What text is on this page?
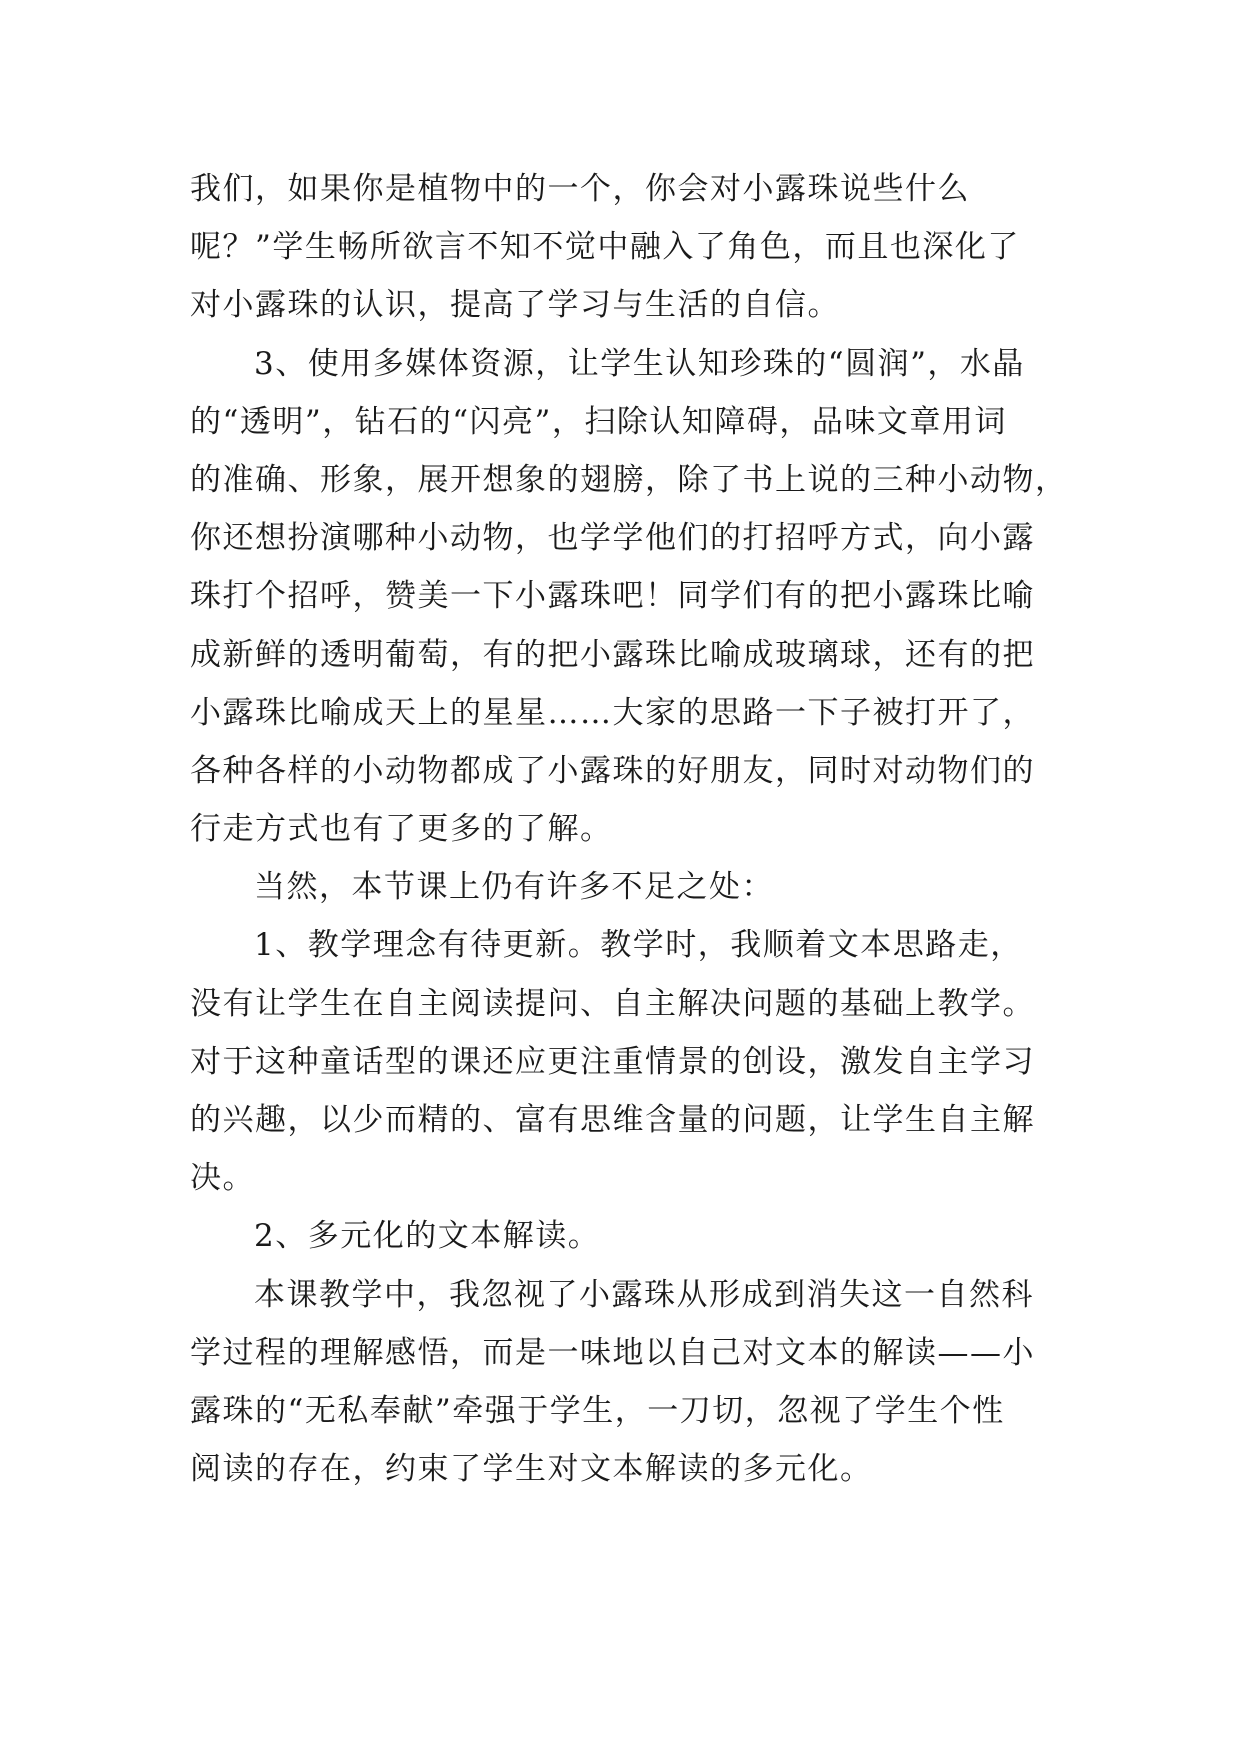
我们，如果你是植物中的一个，你会对小露珠说些什么
呢？”学生畅所欲言不知不觉中融入了角色，而且也深化了
对小露珠的认识，提高了学习与生活的自信。
3、使用多媒体资源，让学生认知珍珠的“圆润”，水晶
的“透明”，钻石的“闪亮”，扫除认知障碍，品味文章用词
的准确、形象，展开想象的翅膀，除了书上说的三种小动物，
你还想扮演哪种小动物，也学学他们的打招呼方式，向小露
珠打个招呼，赞美一下小露珠吧！同学们有的把小露珠比喻
成新鲜的透明葡萄，有的把小露珠比喻成玻璃球，还有的把
小露珠比喻成天上的星星……大家的思路一下子被打开了，
各种各样的小动物都成了小露珠的好朋友，同时对动物们的
行走方式也有了更多的了解。
当然，本节课上仍有许多不足之处：
1、教学理念有待更新。教学时，我顺着文本思路走，
没有让学生在自主阅读提问、自主解决问题的基础上教学。
对于这种童话型的课还应更注重情景的创设，激发自主学习
的兴趣，以少而精的、富有思维含量的问题，让学生自主解
决。
2、多元化的文本解读。
本课教学中，我忽视了小露珠从形成到消失这一自然科
学过程的理解感悟，而是一味地以自己对文本的解读——小
露珠的“无私奉献”牵强于学生，一刀切，忽视了学生个性
阅读的存在，约束了学生对文本解读的多元化。
